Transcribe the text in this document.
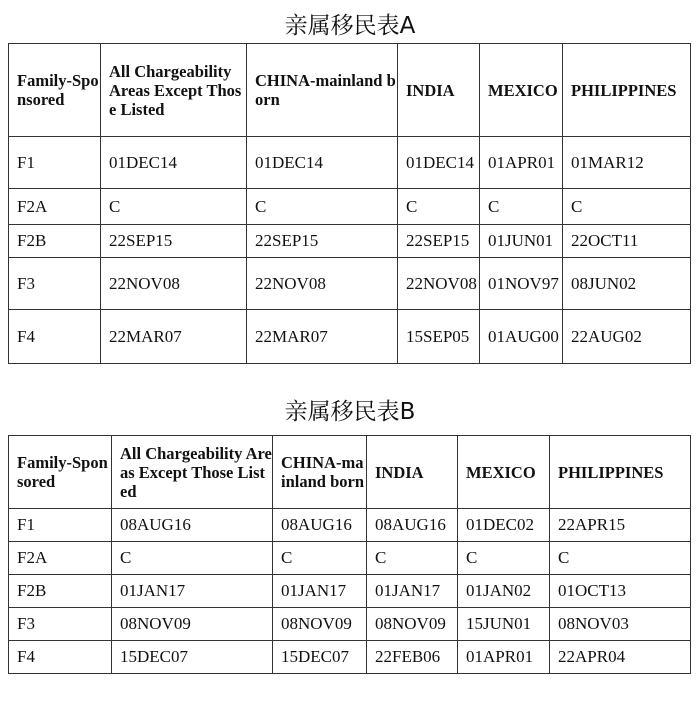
亲属移民表A
Family-Sponsored	All Chargeability Areas Except Those Listed	CHINA-mainland born	INDIA	MEXICO	PHILIPPINES
F1	01DEC14	01DEC14	01DEC14	01APR01	01MAR12
F2A	C	C	C	C	C
F2B	22SEP15	22SEP15	22SEP15	01JUN01	22OCT11
F3	22NOV08	22NOV08	22NOV08	01NOV97	08JUN02
F4	22MAR07	22MAR07	15SEP05	01AUG00	22AUG02
亲属移民表B
Family-Sponsored	All Chargeability Areas Except Those Listed	CHINA-mainland born	INDIA	MEXICO	PHILIPPINES
F1	08AUG16	08AUG16	08AUG16	01DEC02	22APR15
F2A	C	C	C	C	C
F2B	01JAN17	01JAN17	01JAN17	01JAN02	01OCT13
F3	08NOV09	08NOV09	08NOV09	15JUN01	08NOV03
F4	15DEC07	15DEC07	22FEB06	01APR01	22APR04
